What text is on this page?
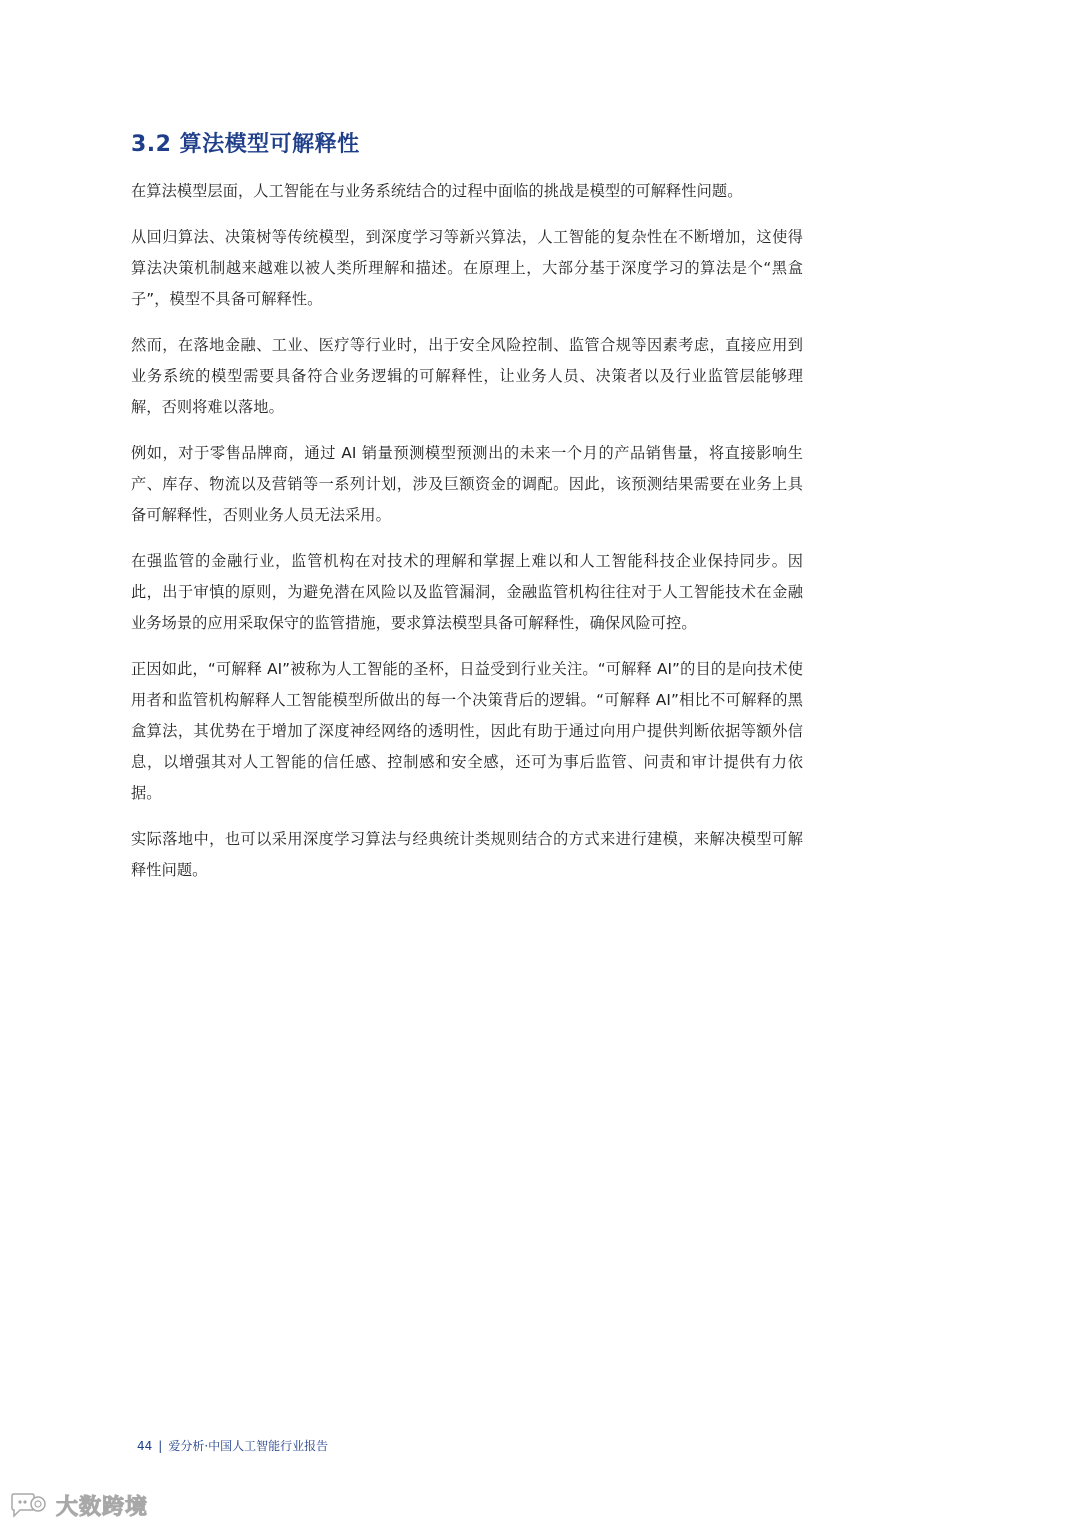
3.2 算法模型可解释性

在算法模型层面，人工智能在与业务系统结合的过程中面临的挑战是模型的可解释性问题。

从回归算法、决策树等传统模型，到深度学习等新兴算法，人工智能的复杂性在不断增加，这使得算法决策机制越来越难以被人类所理解和描述。在原理上，大部分基于深度学习的算法是个“黑盒子”，模型不具备可解释性。

然而，在落地金融、工业、医疗等行业时，出于安全风险控制、监管合规等因素考虑，直接应用到业务系统的模型需要具备符合业务逻辑的可解释性，让业务人员、决策者以及行业监管层能够理解，否则将难以落地。

例如，对于零售品牌商，通过 AI 销量预测模型预测出的未来一个月的产品销售量，将直接影响生产、库存、物流以及营销等一系列计划，涉及巨额资金的调配。因此，该预测结果需要在业务上具备可解释性，否则业务人员无法采用。

在强监管的金融行业，监管机构在对技术的理解和掌握上难以和人工智能科技企业保持同步。因此，出于审慎的原则，为避免潜在风险以及监管漏洞，金融监管机构往往对于人工智能技术在金融业务场景的应用采取保守的监管措施，要求算法模型具备可解释性，确保风险可控。

正因如此，“可解释 AI”被称为人工智能的圣杯，日益受到行业关注。“可解释 AI”的目的是向技术使用者和监管机构解释人工智能模型所做出的每一个决策背后的逻辑。“可解释 AI”相比不可解释的黑盒算法，其优势在于增加了深度神经网络的透明性，因此有助于通过向用户提供判断依据等额外信息，以增强其对人工智能的信任感、控制感和安全感，还可为事后监管、问责和审计提供有力依据。

实际落地中，也可以采用深度学习算法与经典统计类规则结合的方式来进行建模，来解决模型可解释性问题。

44 | 爱分析·中国人工智能行业报告
大数跨境
